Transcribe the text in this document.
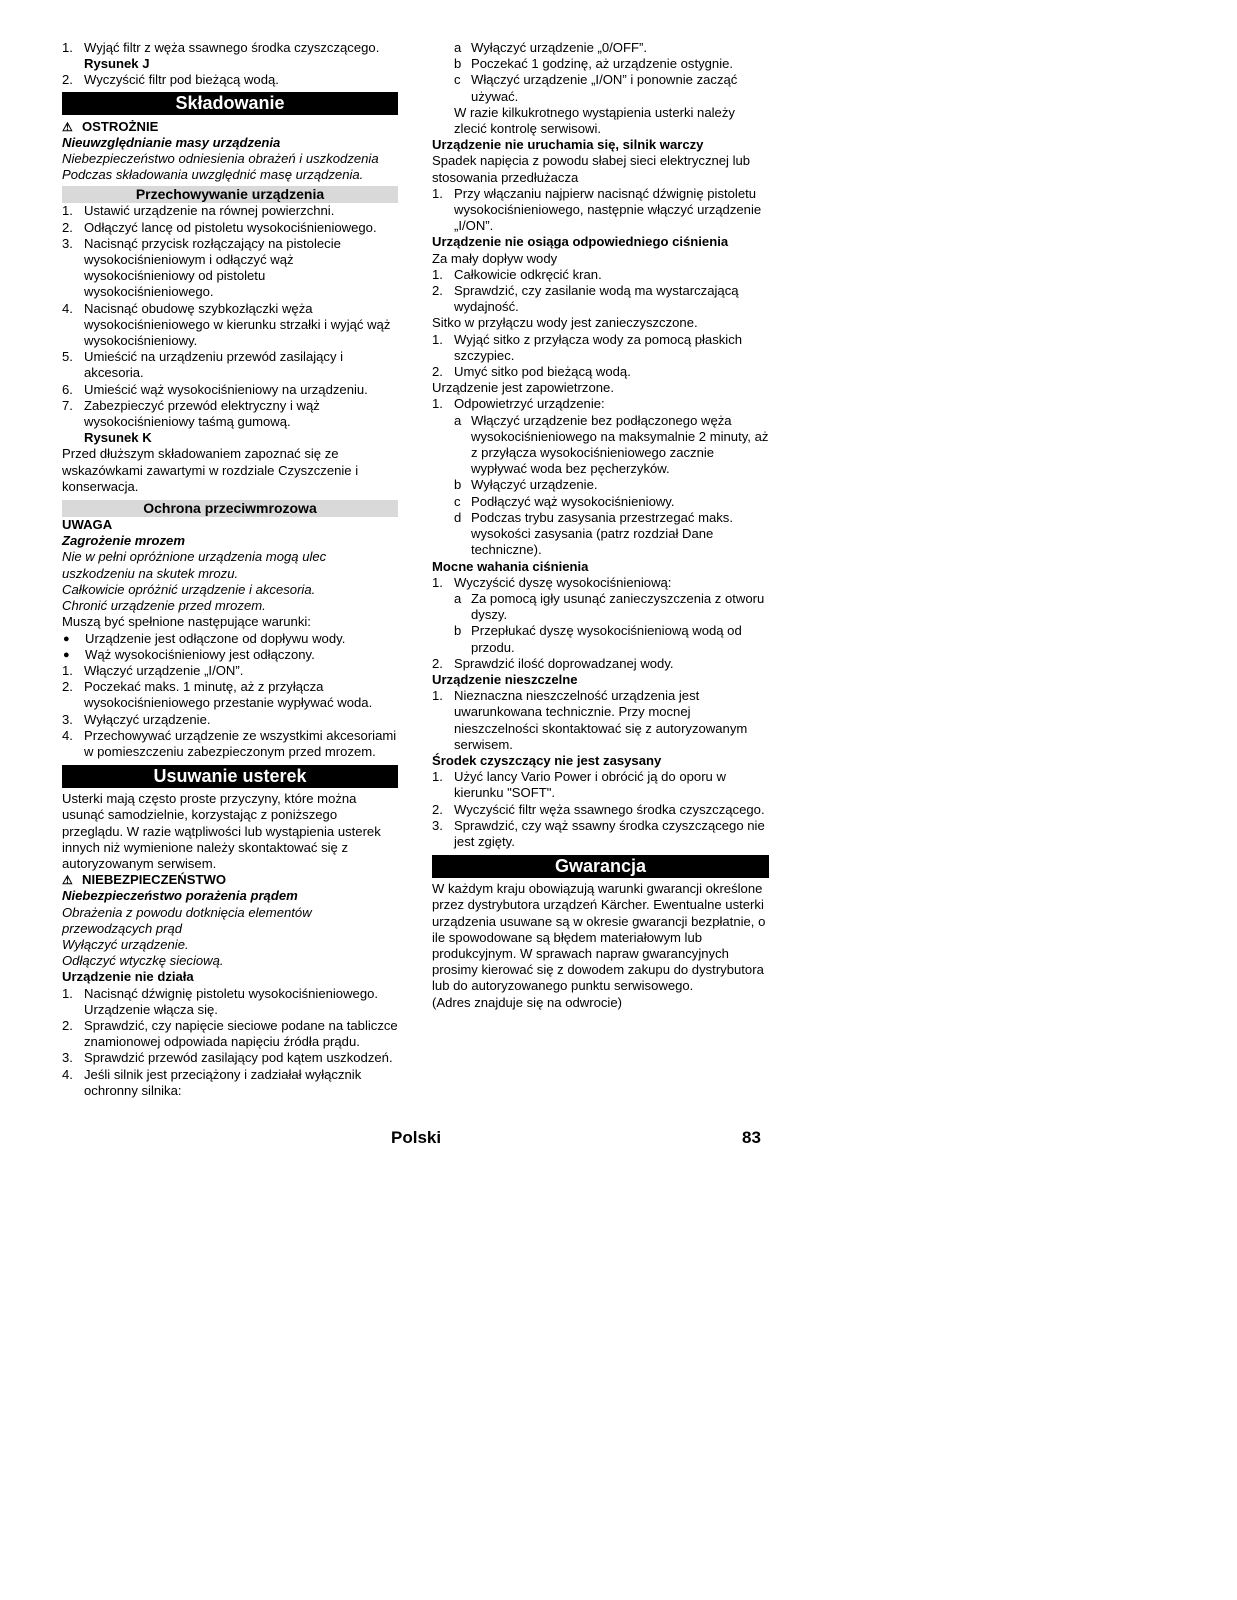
1. Wyjąć filtr z węża ssawnego środka czyszczącego.
Rysunek J
2. Wyczyścić filtr pod bieżącą wodą.
Składowanie
⚠ OSTROŻNIE
Nieuwzględnianie masy urządzenia
Niebezpieczeństwo odniesienia obrażeń i uszkodzenia
Podczas składowania uwzględnić masę urządzenia.
Przechowywanie urządzenia
1. Ustawić urządzenie na równej powierzchni.
2. Odłączyć lancę od pistoletu wysokociśnieniowego.
3. Nacisnąć przycisk rozłączający na pistolecie wysokociśnieniowym i odłączyć wąż wysokociśnieniowy od pistoletu wysokociśnieniowego.
4. Nacisnąć obudowę szybkozłączki węża wysokociśnieniowego w kierunku strzałki i wyjąć wąż wysokociśnieniowy.
5. Umieścić na urządzeniu przewód zasilający i akcesoria.
6. Umieścić wąż wysokociśnieniowy na urządzeniu.
7. Zabezpieczyć przewód elektryczny i wąż wysokociśnieniowy taśmą gumową.
Rysunek K
Przed dłuższym składowaniem zapoznać się ze wskazówkami zawartymi w rozdziale Czyszczenie i konserwacja.
Ochrona przeciwmrozowa
UWAGA
Zagrożenie mrozem
Nie w pełni opróżnione urządzenia mogą ulec uszkodzeniu na skutek mrozu.
Całkowicie opróżnić urządzenie i akcesoria.
Chronić urządzenie przed mrozem.
Muszą być spełnione następujące warunki:
●	Urządzenie jest odłączone od dopływu wody.
●	Wąż wysokociśnieniowy jest odłączony.
1. Włączyć urządzenie „I/ON”.
2. Poczekać maks. 1 minutę, aż z przyłącza wysokociśnieniowego przestanie wypływać woda.
3. Wyłączyć urządzenie.
4. Przechowywać urządzenie ze wszystkimi akcesoriami w pomieszczeniu zabezpieczonym przed mrozem.
Usuwanie usterek
Usterki mają często proste przyczyny, które można usunąć samodzielnie, korzystając z poniższego przeglądu. W razie wątpliwości lub wystąpienia usterek innych niż wymienione należy skontaktować się z autoryzowanym serwisem.
⚠ NIEBEZPIECZEŃSTWO
Niebezpieczeństwo porażenia prądem
Obrażenia z powodu dotknięcia elementów przewodzących prąd
Wyłączyć urządzenie.
Odłączyć wtyczkę sieciową.
Urządzenie nie działa
1. Nacisnąć dźwignię pistoletu wysokociśnieniowego. Urządzenie włącza się.
2. Sprawdzić, czy napięcie sieciowe podane na tabliczce znamionowej odpowiada napięciu źródła prądu.
3. Sprawdzić przewód zasilający pod kątem uszkodzeń.
4. Jeśli silnik jest przeciążony i zadziałał wyłącznik ochronny silnika:
a Wyłączyć urządzenie „0/OFF”.
b Poczekać 1 godzinę, aż urządzenie ostygnie.
c Włączyć urządzenie „I/ON” i ponownie zacząć używać.
W razie kilkukrotnego wystąpienia usterki należy zlecić kontrolę serwisowi.
Urządzenie nie uruchamia się, silnik warczy
Spadek napięcia z powodu słabej sieci elektrycznej lub stosowania przedłużacza
1. Przy włączaniu najpierw nacisnąć dźwignię pistoletu wysokociśnieniowego, następnie włączyć urządzenie „I/ON”.
Urządzenie nie osiąga odpowiedniego ciśnienia
Za mały dopływ wody
1. Całkowicie odkręcić kran.
2. Sprawdzić, czy zasilanie wodą ma wystarczającą wydajność.
Sitko w przyłączu wody jest zanieczyszczone.
1. Wyjąć sitko z przyłącza wody za pomocą płaskich szczypiec.
2. Umyć sitko pod bieżącą wodą.
Urządzenie jest zapowietrzone.
1. Odpowietrzyć urządzenie:
a Włączyć urządzenie bez podłączonego węża wysokociśnieniowego na maksymalnie 2 minuty, aż z przyłącza wysokociśnieniowego zacznie wypływać woda bez pęcherzyków.
b Wyłączyć urządzenie.
c Podłączyć wąż wysokociśnieniowy.
d Podczas trybu zasysania przestrzegać maks. wysokości zasysania (patrz rozdział Dane techniczne).
Mocne wahania ciśnienia
1. Wyczyścić dyszę wysokociśnieniową:
a Za pomocą igły usunąć zanieczyszczenia z otworu dyszy.
b Przepłukać dyszę wysokociśnieniową wodą od przodu.
2. Sprawdzić ilość doprowadzanej wody.
Urządzenie nieszczelne
1. Nieznaczna nieszczelność urządzenia jest uwarunkowana technicznie. Przy mocnej nieszczelności skontaktować się z autoryzowanym serwisem.
Środek czyszczący nie jest zasysany
1. Użyć lancy Vario Power i obrócić ją do oporu w kierunku "SOFT".
2. Wyczyścić filtr węża ssawnego środka czyszczącego.
3. Sprawdzić, czy wąż ssawny środka czyszczącego nie jest zgięty.
Gwarancja
W każdym kraju obowiązują warunki gwarancji określone przez dystrybutora urządzeń Kärcher. Ewentualne usterki urządzenia usuwane są w okresie gwarancji bezpłatnie, o ile spowodowane są błędem materiałowym lub produkcyjnym. W sprawach napraw gwarancyjnych prosimy kierować się z dowodem zakupu do dystrybutora lub do autoryzowanego punktu serwisowego.
(Adres znajduje się na odwrocie)
Polski	83
